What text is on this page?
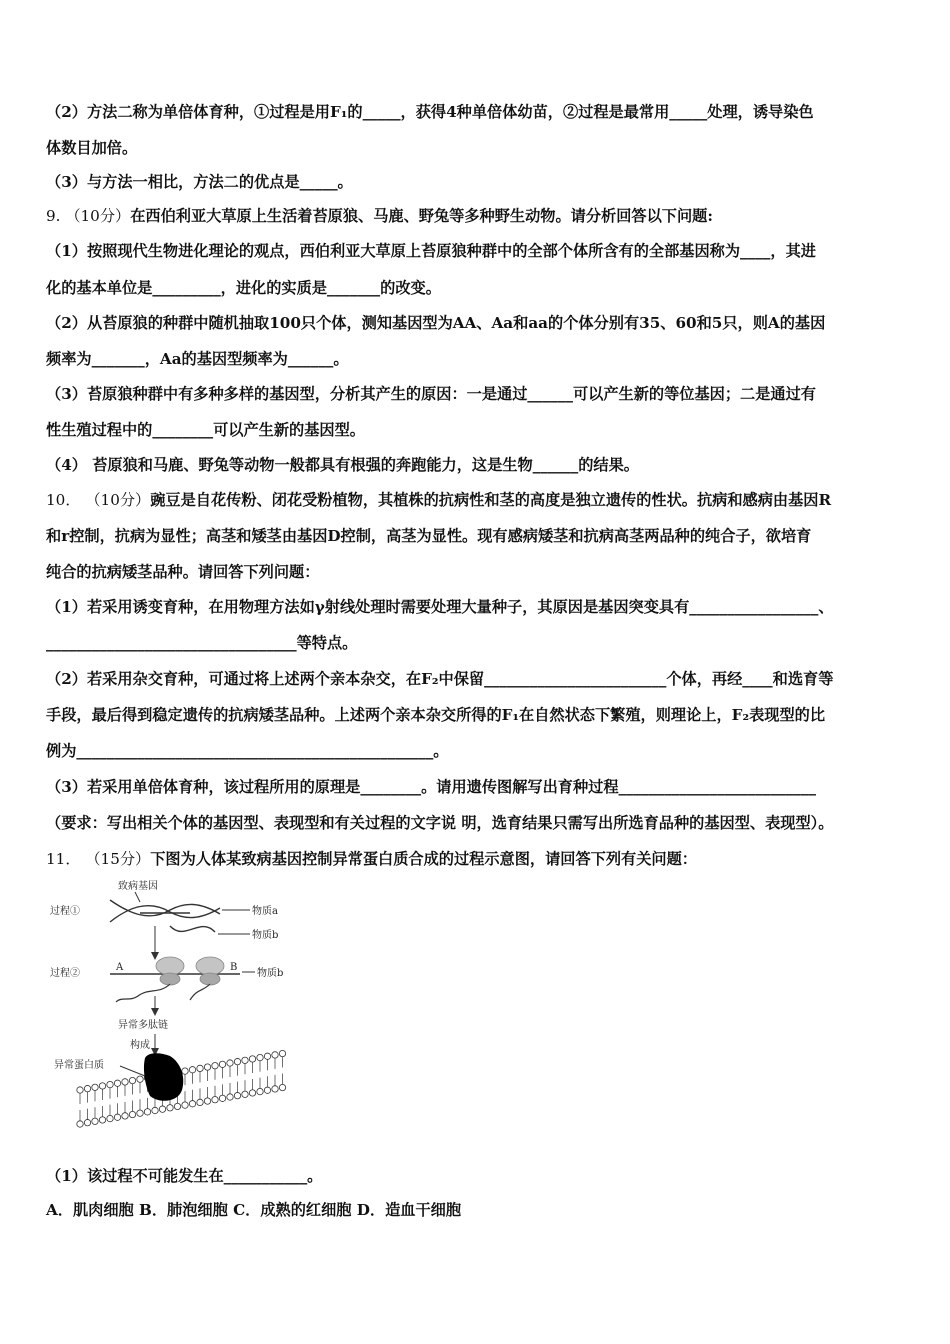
（2）方法二称为单倍体育种，①过程是用F₁的_____，获得4种单倍体幼苗，②过程是最常用_____处理，诱导染色
体数目加倍。
（3）与方法一相比，方法二的优点是_____。
9. （10分）在西伯利亚大草原上生活着苔原狼、马鹿、野兔等多种野生动物。请分析回答以下问题:
（1）按照现代生物进化理论的观点，西伯利亚大草原上苔原狼种群中的全部个体所含有的全部基因称为____，其进
化的基本单位是_________，进化的实质是_______的改变。
（2）从苔原狼的种群中随机抽取100只个体，测知基因型为AA、Aa和aa的个体分别有35、60和5只，则A的基因
频率为_______，Aa的基因型频率为______。
（3）苔原狼种群中有多种多样的基因型，分析其产生的原因：一是通过______可以产生新的等位基因；二是通过有
性生殖过程中的________可以产生新的基因型。
（4） 苔原狼和马鹿、野兔等动物一般都具有根强的奔跑能力，这是生物______的结果。
10． （10分）豌豆是自花传粉、闭花受粉植物，其植株的抗病性和茎的高度是独立遗传的性状。抗病和感病由基因R
和r控制，抗病为显性；高茎和矮茎由基因D控制，高茎为显性。现有感病矮茎和抗病高茎两品种的纯合子，欲培育
纯合的抗病矮茎品种。请回答下列问题：
（1）若采用诱变育种，在用物理方法如γ射线处理时需要处理大量种子，其原因是基因突变具有_________________、
_________________________________等特点。
（2）若采用杂交育种，可通过将上述两个亲本杂交，在F₂中保留________________________个体，再经____和选育等
手段，最后得到稳定遗传的抗病矮茎品种。上述两个亲本杂交所得的F₁在自然状态下繁殖，则理论上，F₂表现型的比
例为_______________________________________________。
（3）若采用单倍体育种，该过程所用的原理是________。请用遗传图解写出育种过程__________________________
（要求：写出相关个体的基因型、表现型和有关过程的文字说 明，选育结果只需写出所选育品种的基因型、表现型）。
11． （15分）下图为人体某致病基因控制异常蛋白质合成的过程示意图，请回答下列有关问题：
（1）该过程不可能发生在___________。
A．肌肉细胞 B．肺泡细胞 C．成熟的红细胞 D．造血干细胞
致病基因
过程①	物质a
物质b
过程②
A	B
物质b
异常多肽链
构成
异常蛋白质
